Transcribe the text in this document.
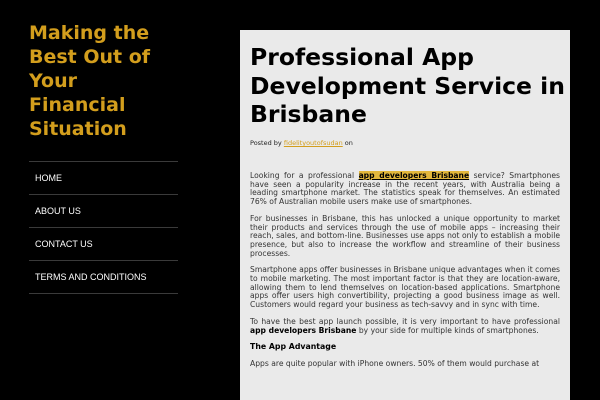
Making the Best Out of Your Financial Situation
HOME
ABOUT US
CONTACT US
TERMS AND CONDITIONS
Professional App Development Service in Brisbane
Posted by fidelityoutofsudan on

Looking for a professional app developers Brisbane service? Smartphones have seen a popularity increase in the recent years, with Australia being a leading smartphone market. The statistics speak for themselves. An estimated 76% of Australian mobile users make use of smartphones.

For businesses in Brisbane, this has unlocked a unique opportunity to market their products and services through the use of mobile apps – increasing their reach, sales, and bottom-line. Businesses use apps not only to establish a mobile presence, but also to increase the workflow and streamline of their business processes.

Smartphone apps offer businesses in Brisbane unique advantages when it comes to mobile marketing. The most important factor is that they are location-aware, allowing them to lend themselves on location-based applications. Smartphone apps offer users high convertibility, projecting a good business image as well. Customers would regard your business as tech-savvy and in sync with time.

To have the best app launch possible, it is very important to have professional app developers Brisbane by your side for multiple kinds of smartphones.

The App Advantage

Apps are quite popular with iPhone owners. 50% of them would purchase at
